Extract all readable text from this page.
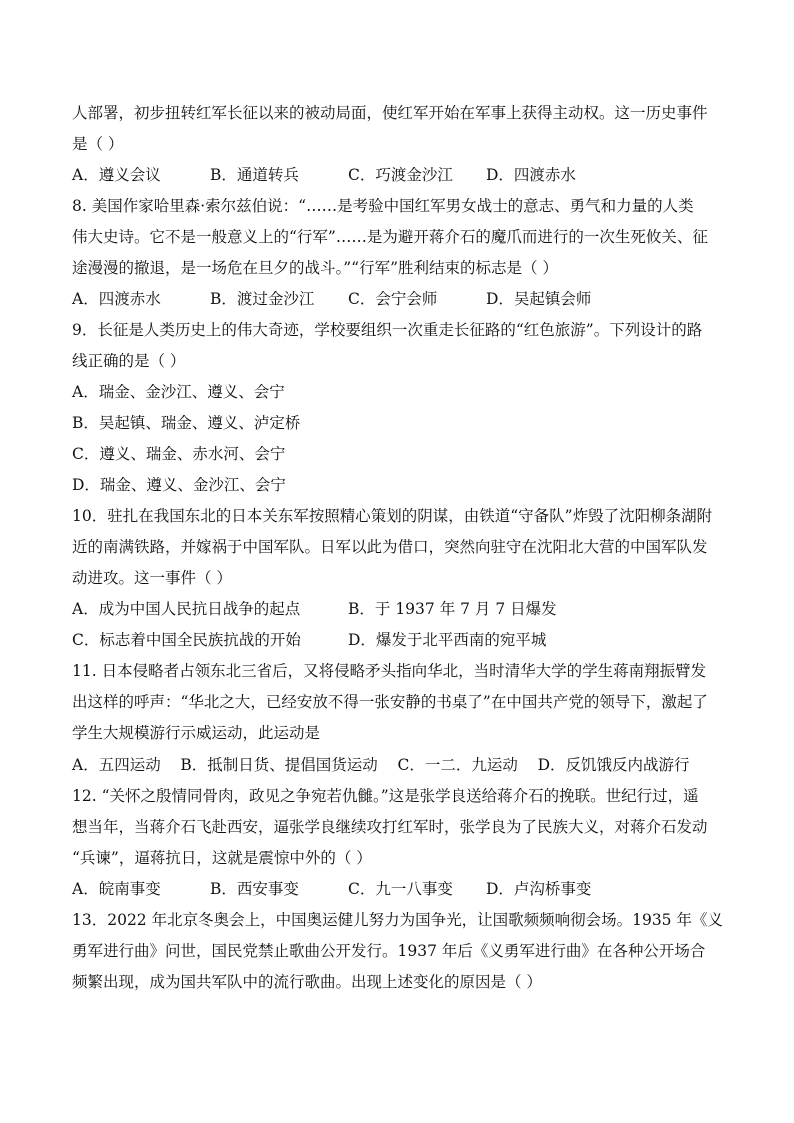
人部署，初步扭转红军长征以来的被动局面，使红军开始在军事上获得主动权。这一历史事件
是（ ）
A．遵义会议	B．通道转兵	C．巧渡金沙江 D．四渡赤水
8. 美国作家哈里森·索尔兹伯说：“……是考验中国红军男女战士的意志、勇气和力量的人类
伟大史诗。它不是一般意义上的“行军”……是为避开蒋介石的魔爪而进行的一次生死攸关、征
途漫漫的撤退，是一场危在旦夕的战斗。”“行军”胜利结束的标志是（ ）
A．四渡赤水	B．渡过金沙江 C．会宁会师	D．吴起镇会师
9．长征是人类历史上的伟大奇迹，学校要组织一次重走长征路的“红色旅游”。下列设计的路
线正确的是（ ）
A．瑞金、金沙江、遵义、会宁
B．吴起镇、瑞金、遵义、泸定桥
C．遵义、瑞金、赤水河、会宁
D．瑞金、遵义、金沙江、会宁
10．驻扎在我国东北的日本关东军按照精心策划的阴谋，由铁道“守备队”炸毁了沈阳柳条湖附
近的南满铁路，并嫁祸于中国军队。日军以此为借口，突然向驻守在沈阳北大营的中国军队发
动进攻。这一事件（ ）
A．成为中国人民抗日战争的起点	B．于 1937 年 7 月 7 日爆发
C．标志着中国全民族抗战的开始	D．爆发于北平西南的宛平城
11. 日本侵略者占领东北三省后，又将侵略矛头指向华北，当时清华大学的学生蒋南翔振臂发
出这样的呼声：“华北之大，已经安放不得一张安静的书桌了”在中国共产党的领导下，激起了
学生大规模游行示威运动，此运动是
A．五四运动    B．抵制日货、提倡国货运动    C．一二．九运动    D．反饥饿反内战游行
12. “关怀之殷情同骨肉，政见之争宛若仇雠。”这是张学良送给蒋介石的挽联。世纪行过，遥
想当年，当蒋介石飞赴西安，逼张学良继续攻打红军时，张学良为了民族大义，对蒋介石发动
“兵谏”，逼蒋抗日，这就是震惊中外的（ ）
A．皖南事变	B．西安事变	C．九一八事变 D．卢沟桥事变
13．2022 年北京冬奥会上，中国奥运健儿努力为国争光，让国歌频频响彻会场。1935 年《义
勇军进行曲》问世，国民党禁止歌曲公开发行。1937 年后《义勇军进行曲》在各种公开场合
频繁出现，成为国共军队中的流行歌曲。出现上述变化的原因是（ ）
